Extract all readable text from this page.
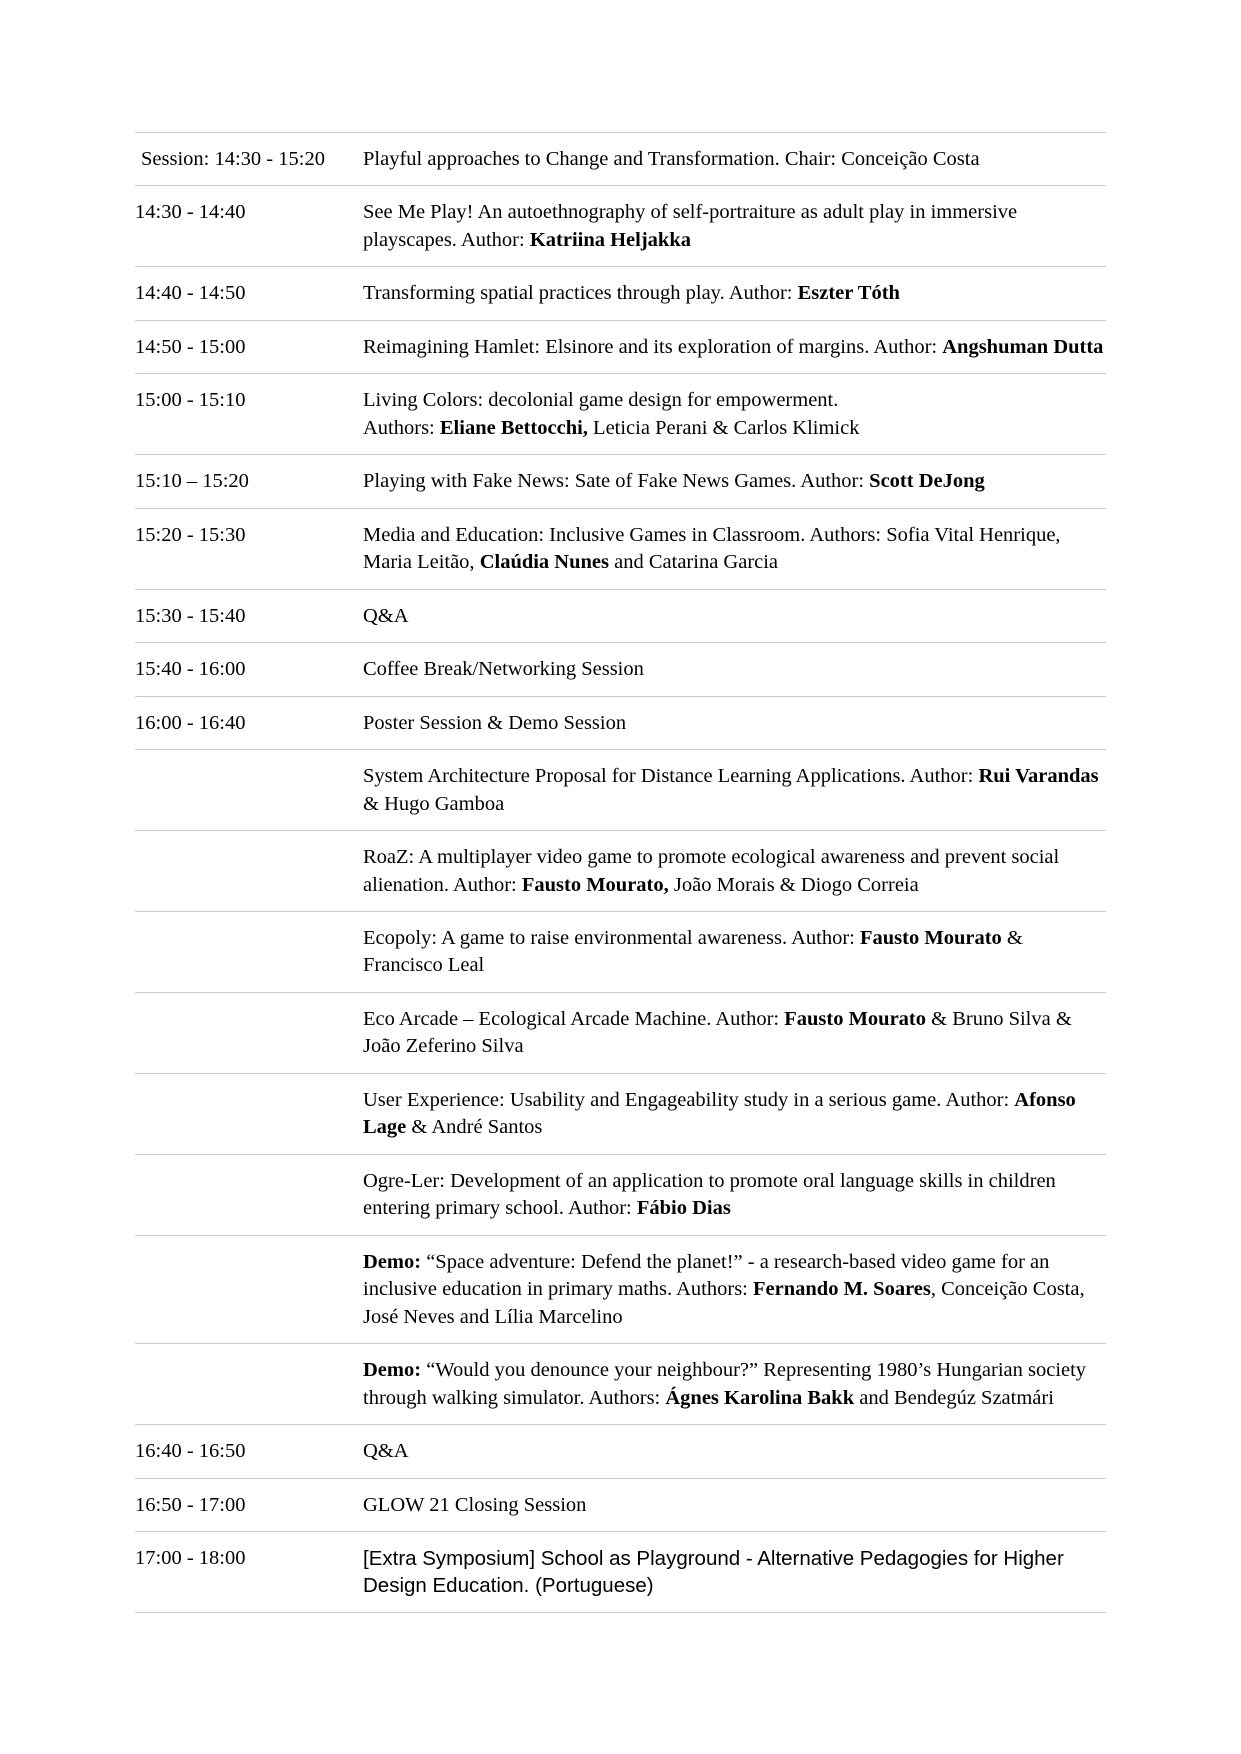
Session: 14:30 - 15:20	Playful approaches to Change and Transformation. Chair: Conceição Costa
14:30 - 14:40	See Me Play! An autoethnography of self-portraiture as adult play in immersive playscapes. Author: Katriina Heljakka
14:40 - 14:50	Transforming spatial practices through play. Author: Eszter Tóth
14:50 - 15:00	Reimagining Hamlet: Elsinore and its exploration of margins. Author: Angshuman Dutta
15:00 - 15:10	Living Colors: decolonial game design for empowerment.
Authors: Eliane Bettocchi, Leticia Perani & Carlos Klimick
15:10 – 15:20	Playing with Fake News: Sate of Fake News Games. Author: Scott DeJong
15:20 - 15:30	Media and Education: Inclusive Games in Classroom. Authors: Sofia Vital Henrique, Maria Leitão, Claúdia Nunes and Catarina Garcia
15:30 - 15:40	Q&A
15:40 - 16:00	Coffee Break/Networking Session
16:00 - 16:40	Poster Session & Demo Session
	System Architecture Proposal for Distance Learning Applications. Author: Rui Varandas & Hugo Gamboa
	RoaZ: A multiplayer video game to promote ecological awareness and prevent social alienation. Author: Fausto Mourato, João Morais & Diogo Correia
	Ecopoly: A game to raise environmental awareness. Author: Fausto Mourato & Francisco Leal
	Eco Arcade – Ecological Arcade Machine. Author: Fausto Mourato & Bruno Silva & João Zeferino Silva
	User Experience: Usability and Engageability study in a serious game. Author: Afonso Lage & André Santos
	Ogre-Ler: Development of an application to promote oral language skills in children entering primary school. Author: Fábio Dias
	Demo: “Space adventure: Defend the planet!” - a research-based video game for an inclusive education in primary maths. Authors: Fernando M. Soares, Conceição Costa, José Neves and Lília Marcelino
	Demo: “Would you denounce your neighbour?” Representing 1980’s Hungarian society through walking simulator. Authors: Ágnes Karolina Bakk and Bendegúz Szatmári
16:40 - 16:50	Q&A
16:50 - 17:00	GLOW 21 Closing Session
17:00 - 18:00	[Extra Symposium] School as Playground - Alternative Pedagogies for Higher Design Education. (Portuguese)
